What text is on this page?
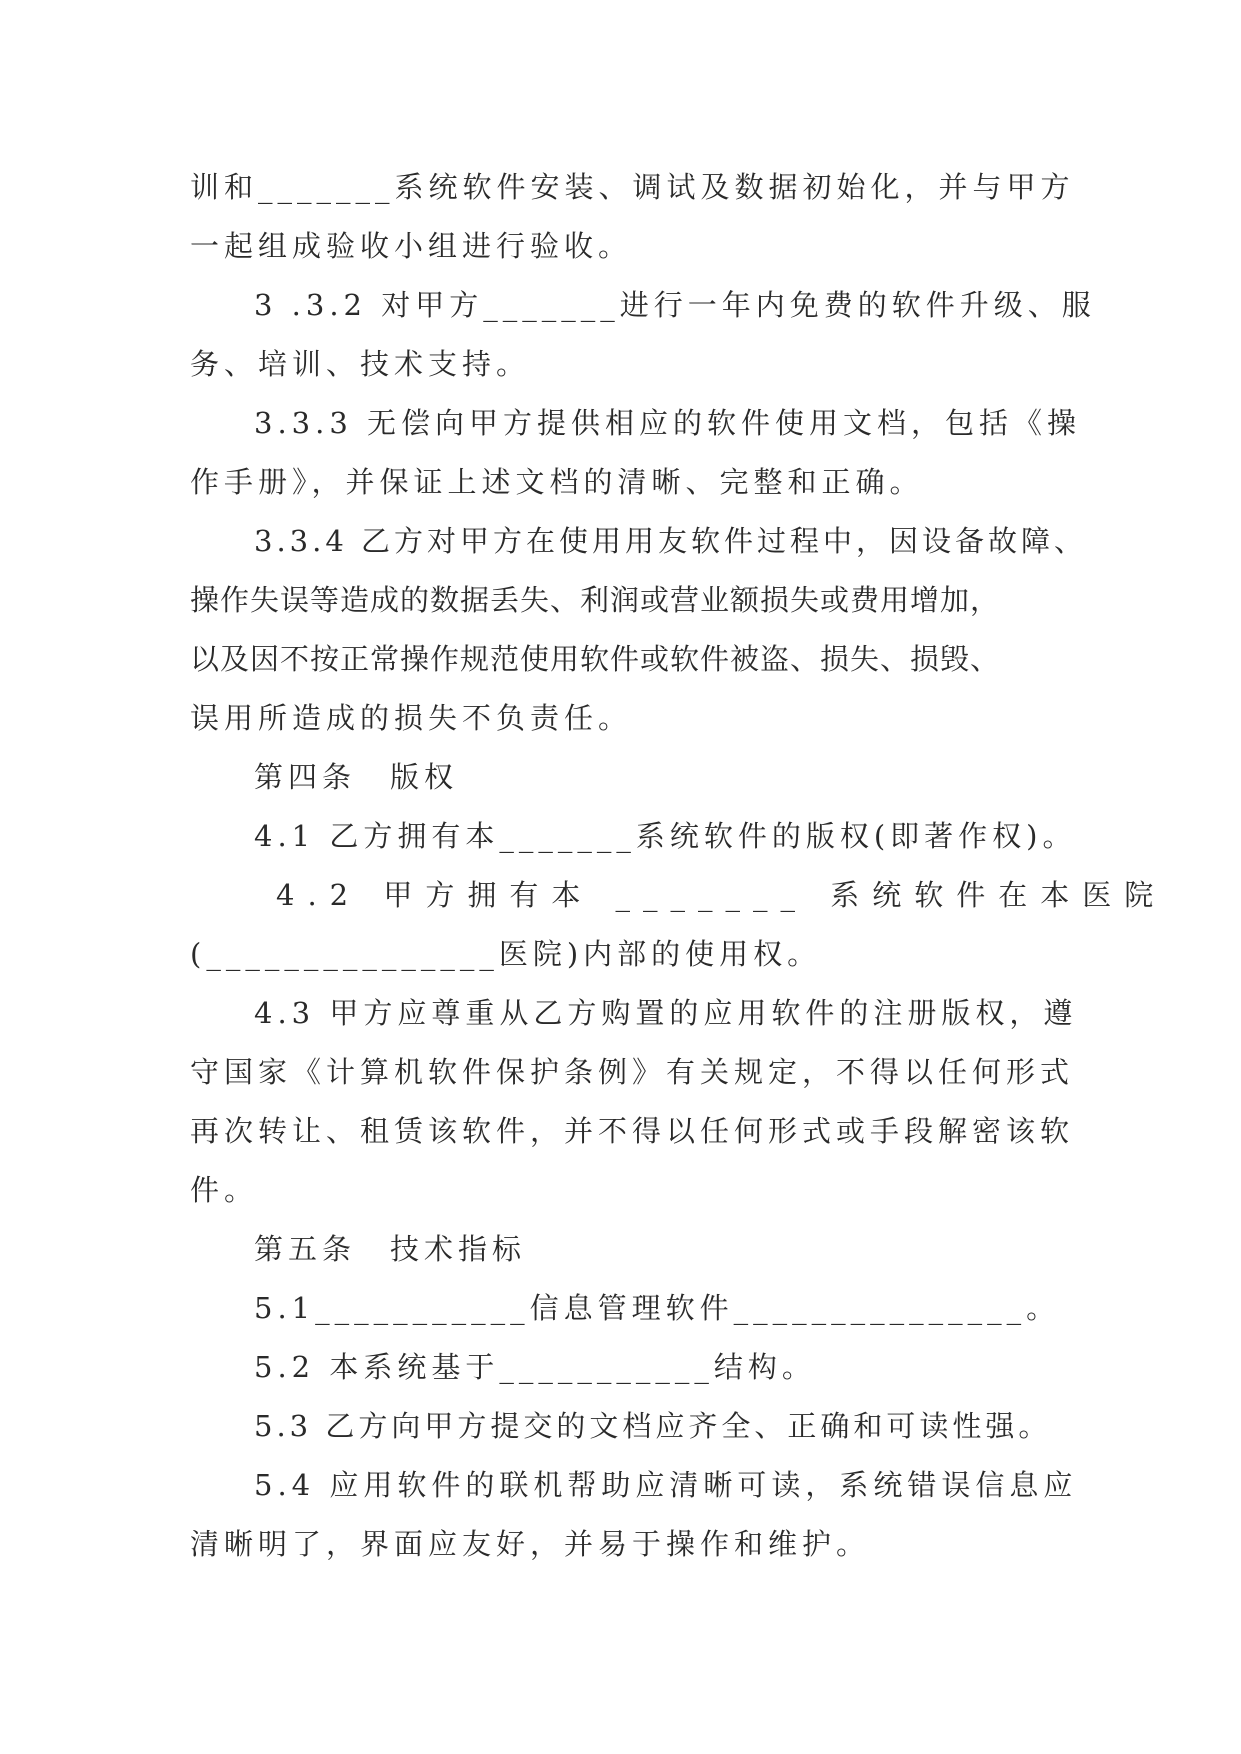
训和_______系统软件安装、调试及数据初始化，并与甲方
一起组成验收小组进行验收。
3 .3.2 对甲方_______进行一年内免费的软件升级、服
务、培训、技术支持。
3.3.3 无偿向甲方提供相应的软件使用文档，包括《操
作手册》，并保证上述文档的清晰、完整和正确。
3.3.4 乙方对甲方在使用用友软件过程中，因设备故障、
操作失误等造成的数据丢失、利润或营业额损失或费用增加，
以及因不按正常操作规范使用软件或软件被盗、损失、损毁、
误用所造成的损失不负责任。
第四条　版权
4.1 乙方拥有本_______系统软件的版权(即著作权)。
4.2 甲方拥有本 _______ 系统软件在本医院
(_______________医院)内部的使用权。
4.3 甲方应尊重从乙方购置的应用软件的注册版权，遵
守国家《计算机软件保护条例》有关规定，不得以任何形式
再次转让、租赁该软件，并不得以任何形式或手段解密该软
件。
第五条　技术指标
5.1___________信息管理软件_______________。
5.2 本系统基于___________结构。
5.3 乙方向甲方提交的文档应齐全、正确和可读性强。
5.4 应用软件的联机帮助应清晰可读，系统错误信息应
清晰明了，界面应友好，并易于操作和维护。
